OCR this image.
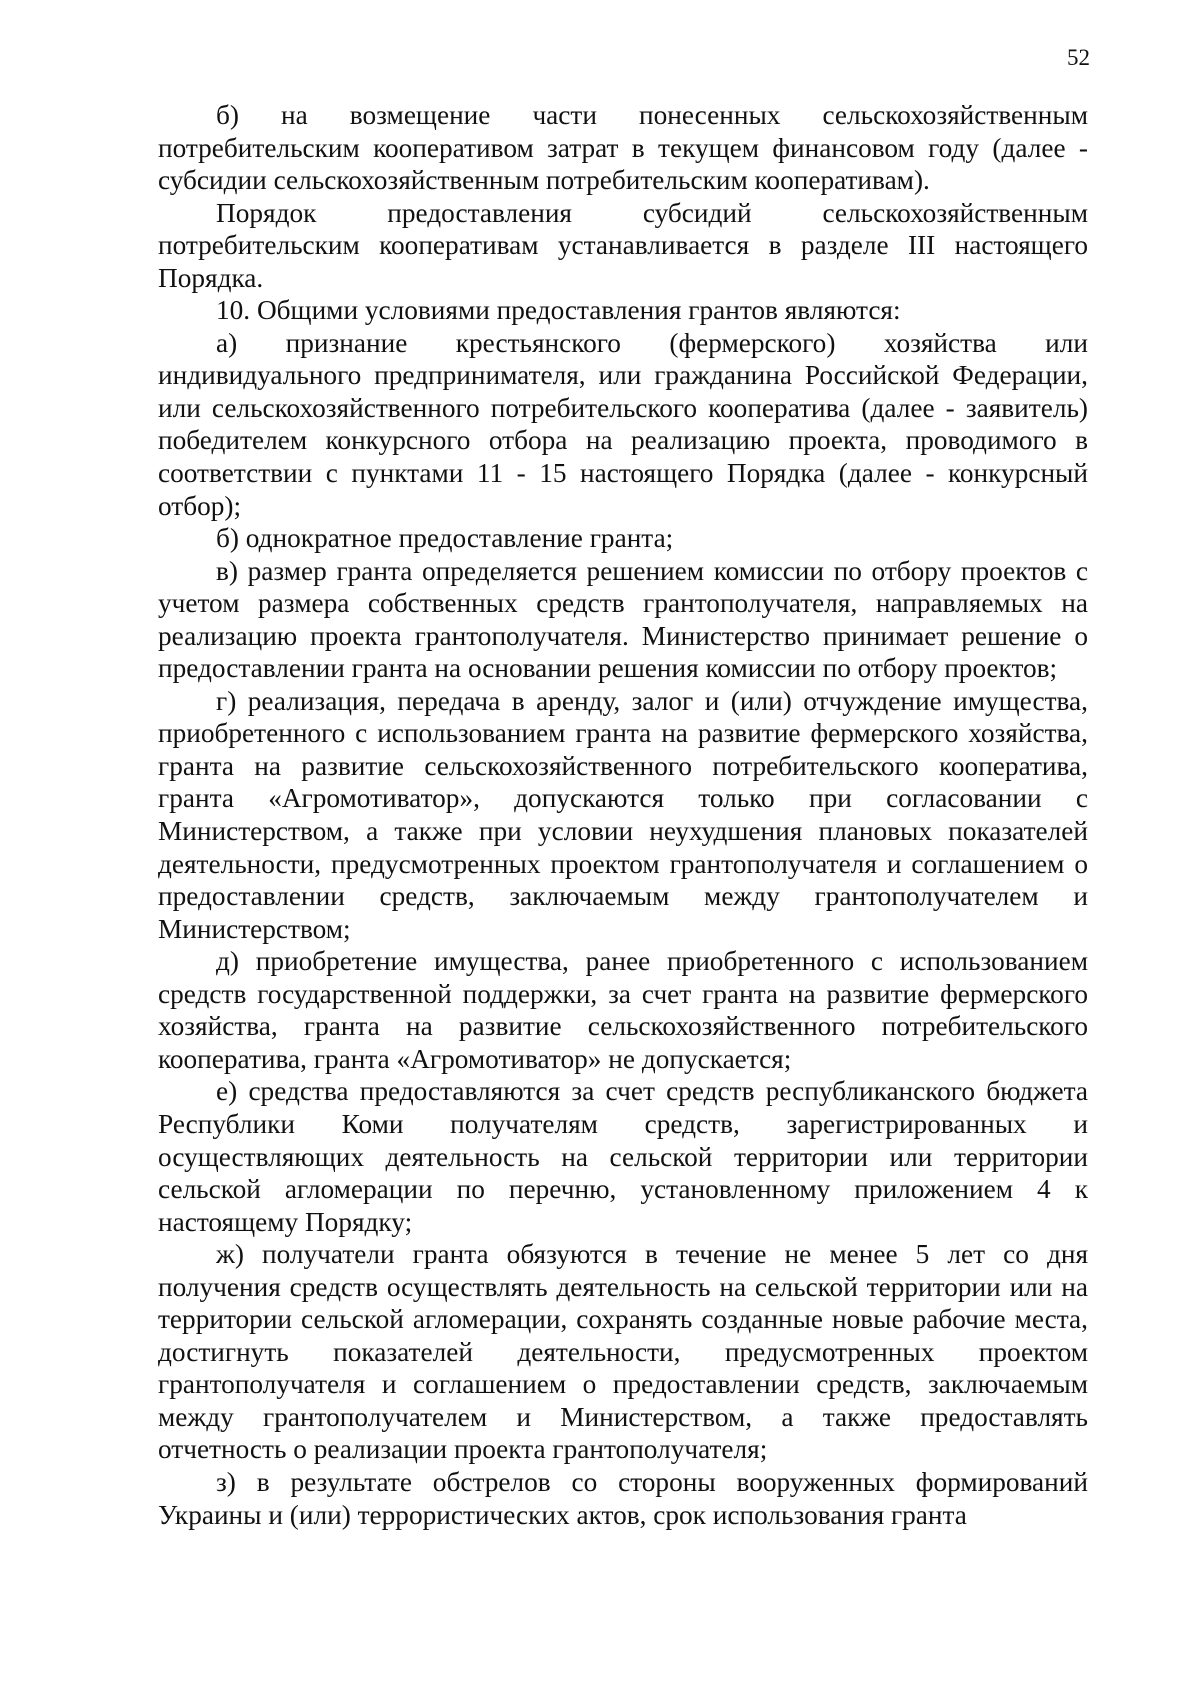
52

б) на возмещение части понесенных сельскохозяйственным потребительским кооперативом затрат в текущем финансовом году (далее - субсидии сельскохозяйственным потребительским кооперативам).

Порядок предоставления субсидий сельскохозяйственным потребительским кооперативам устанавливается в разделе III настоящего Порядка.

10. Общими условиями предоставления грантов являются:

а) признание крестьянского (фермерского) хозяйства или индивидуального предпринимателя, или гражданина Российской Федерации, или сельскохозяйственного потребительского кооператива (далее - заявитель) победителем конкурсного отбора на реализацию проекта, проводимого в соответствии с пунктами 11 - 15 настоящего Порядка (далее - конкурсный отбор);

б) однократное предоставление гранта;

в) размер гранта определяется решением комиссии по отбору проектов с учетом размера собственных средств грантополучателя, направляемых на реализацию проекта грантополучателя. Министерство принимает решение о предоставлении гранта на основании решения комиссии по отбору проектов;

г) реализация, передача в аренду, залог и (или) отчуждение имущества, приобретенного с использованием гранта на развитие фермерского хозяйства, гранта на развитие сельскохозяйственного потребительского кооператива, гранта «Агромотиватор», допускаются только при согласовании с Министерством, а также при условии неухудшения плановых показателей деятельности, предусмотренных проектом грантополучателя и соглашением о предоставлении средств, заключаемым между грантополучателем и Министерством;

д) приобретение имущества, ранее приобретенного с использованием средств государственной поддержки, за счет гранта на развитие фермерского хозяйства, гранта на развитие сельскохозяйственного потребительского кооператива, гранта «Агромотиватор» не допускается;

е) средства предоставляются за счет средств республиканского бюджета Республики Коми получателям средств, зарегистрированных и осуществляющих деятельность на сельской территории или территории сельской агломерации по перечню, установленному приложением 4 к настоящему Порядку;

ж) получатели гранта обязуются в течение не менее 5 лет со дня получения средств осуществлять деятельность на сельской территории или на территории сельской агломерации, сохранять созданные новые рабочие места, достигнуть показателей деятельности, предусмотренных проектом грантополучателя и соглашением о предоставлении средств, заключаемым между грантополучателем и Министерством, а также предоставлять отчетность о реализации проекта грантополучателя;

з) в результате обстрелов со стороны вооруженных формирований Украины и (или) террористических актов, срок использования гранта
